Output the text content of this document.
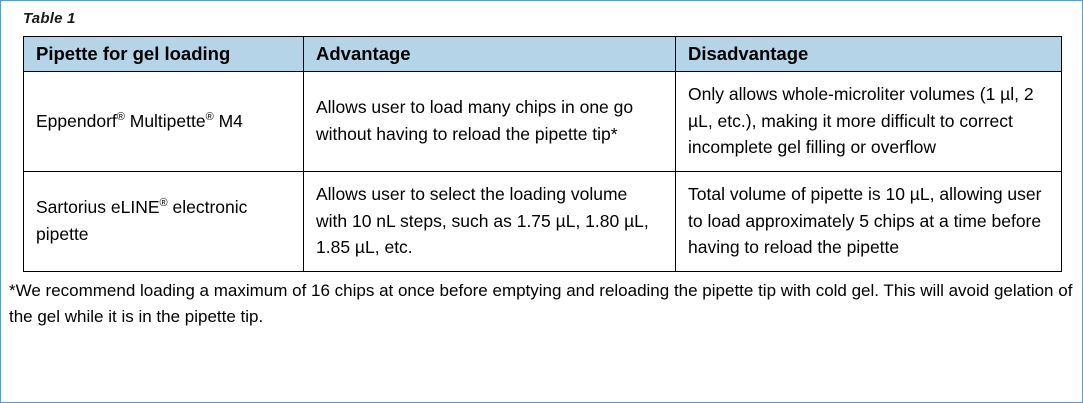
Table 1
Pipette for gel loading	Advantage	Disadvantage
Eppendorf® Multipette® M4	Allows user to load many chips in one go without having to reload the pipette tip*	Only allows whole-microliter volumes (1 µl, 2 µL, etc.), making it more difficult to correct incomplete gel filling or overflow
Sartorius eLINE® electronic pipette	Allows user to select the loading volume with 10 nL steps, such as 1.75 µL, 1.80 µL, 1.85 µL, etc.	Total volume of pipette is 10 µL, allowing user to load approximately 5 chips at a time before having to reload the pipette
*We recommend loading a maximum of 16 chips at once before emptying and reloading the pipette tip with cold gel. This will avoid gelation of the gel while it is in the pipette tip.
